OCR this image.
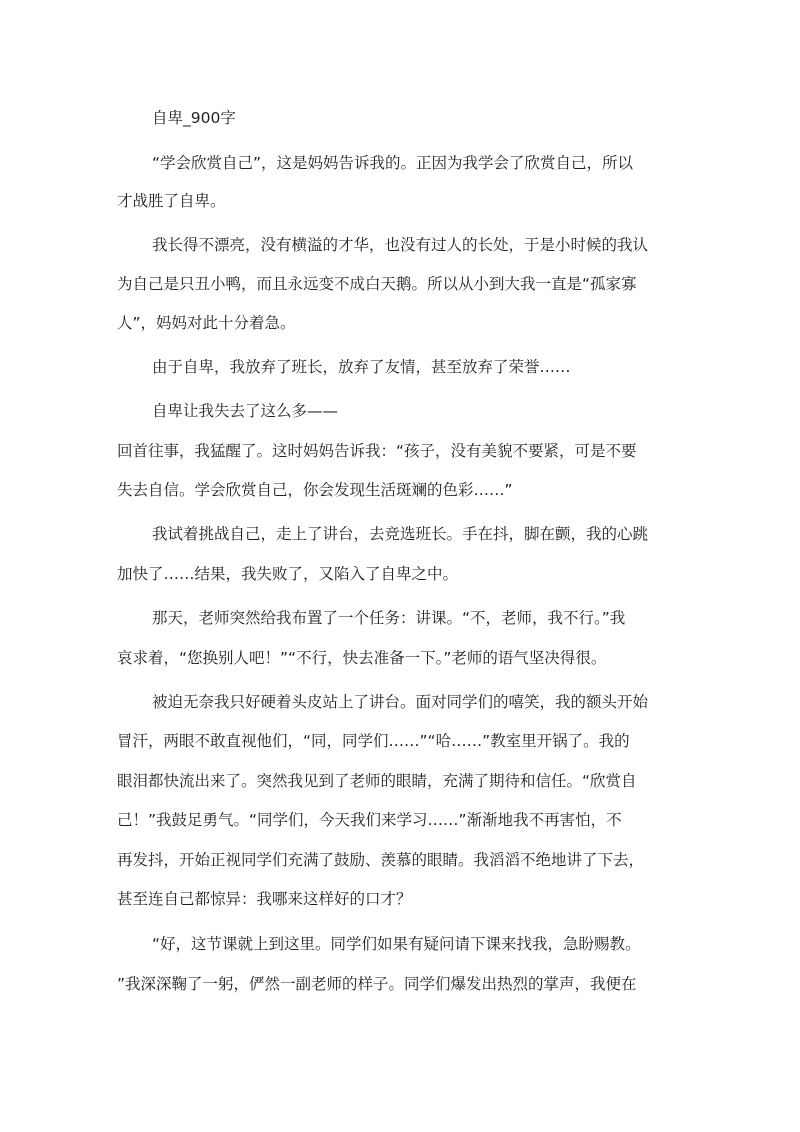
自卑_900字
“学会欣赏自己”，这是妈妈告诉我的。正因为我学会了欣赏自己，所以
才战胜了自卑。
我长得不漂亮，没有横溢的才华，也没有过人的长处，于是小时候的我认
为自己是只丑小鸭，而且永远变不成白天鹅。所以从小到大我一直是“孤家寡
人”，妈妈对此十分着急。
由于自卑，我放弃了班长，放弃了友情，甚至放弃了荣誉……
自卑让我失去了这么多——
回首往事，我猛醒了。这时妈妈告诉我：“孩子，没有美貌不要紧，可是不要
失去自信。学会欣赏自己，你会发现生活斑斓的色彩……”
我试着挑战自己，走上了讲台，去竞选班长。手在抖，脚在颤，我的心跳
加快了……结果，我失败了，又陷入了自卑之中。
那天，老师突然给我布置了一个任务：讲课。“不，老师，我不行。”我
哀求着，“您换别人吧！”“不行，快去准备一下。”老师的语气坚决得很。
被迫无奈我只好硬着头皮站上了讲台。面对同学们的嘻笑，我的额头开始
冒汗，两眼不敢直视他们，“同，同学们……”“哈……”教室里开锅了。我的
眼泪都快流出来了。突然我见到了老师的眼睛，充满了期待和信任。“欣赏自
己！”我鼓足勇气。“同学们，今天我们来学习……”渐渐地我不再害怕，不
再发抖，开始正视同学们充满了鼓励、羡慕的眼睛。我滔滔不绝地讲了下去，
甚至连自己都惊异：我哪来这样好的口才？
“好，这节课就上到这里。同学们如果有疑问请下课来找我，急盼赐教。
”我深深鞠了一躬，俨然一副老师的样子。同学们爆发出热烈的掌声，我便在
